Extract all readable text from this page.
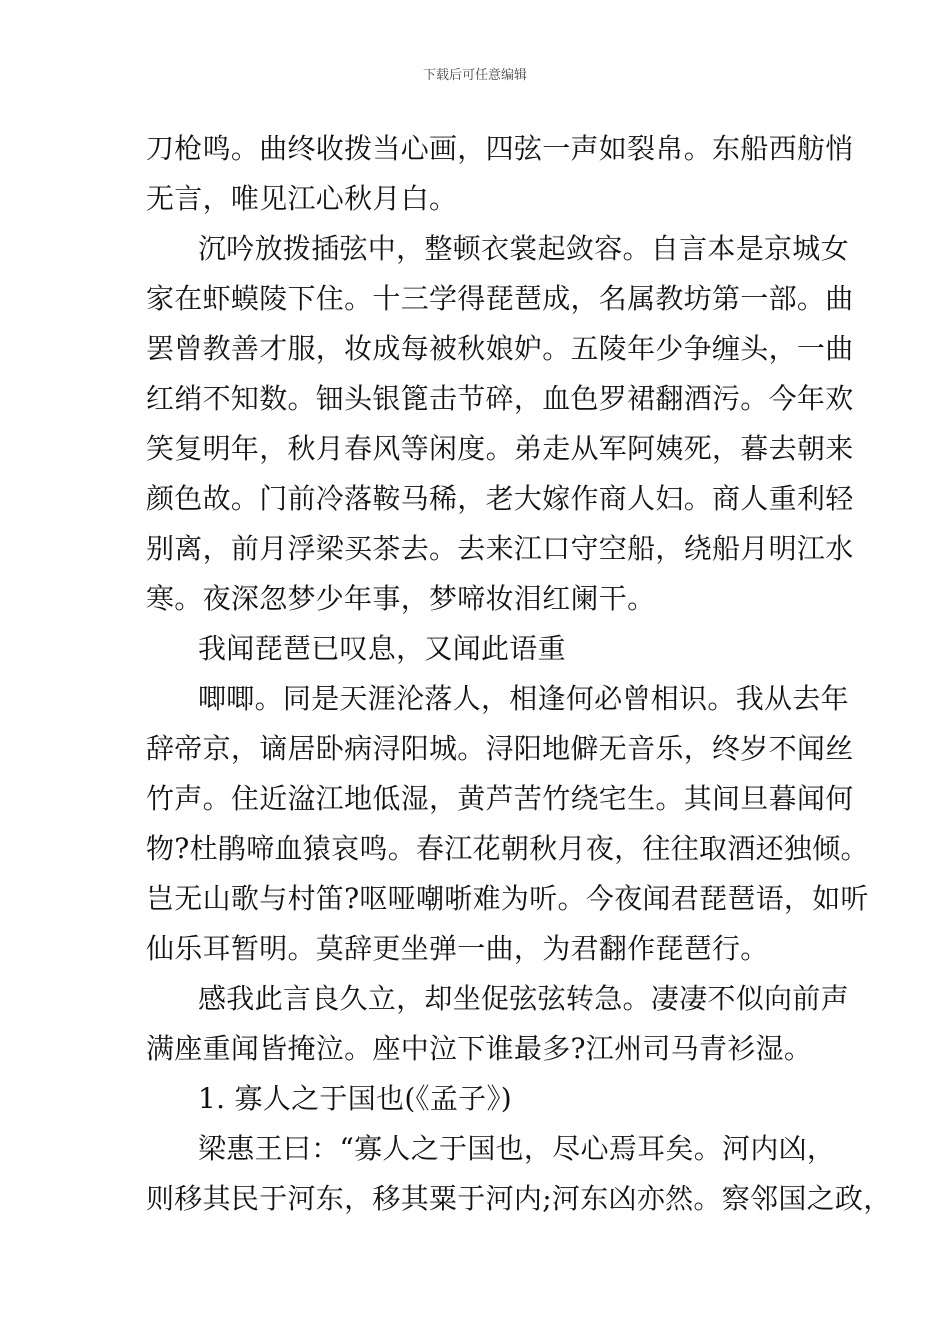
下载后可任意编辑
刀枪鸣。曲终收拨当心画，四弦一声如裂帛。东船西舫悄
无言，唯见江心秋月白。
沉吟放拨插弦中，整顿衣裳起敛容。自言本是京城女
家在虾蟆陵下住。十三学得琵琶成，名属教坊第一部。曲
罢曾教善才服，妆成每被秋娘妒。五陵年少争缠头，一曲
红绡不知数。钿头银篦击节碎，血色罗裙翻酒污。今年欢
笑复明年，秋月春风等闲度。弟走从军阿姨死，暮去朝来
颜色故。门前冷落鞍马稀，老大嫁作商人妇。商人重利轻
别离，前月浮梁买茶去。去来江口守空船，绕船月明江水
寒。夜深忽梦少年事，梦啼妆泪红阑干。
我闻琵琶已叹息，又闻此语重
唧唧。同是天涯沦落人，相逢何必曾相识。我从去年
辞帝京，谪居卧病浔阳城。浔阳地僻无音乐，终岁不闻丝
竹声。住近湓江地低湿，黄芦苦竹绕宅生。其间旦暮闻何
物?杜鹃啼血猿哀鸣。春江花朝秋月夜，往往取酒还独倾。
岂无山歌与村笛?呕哑嘲哳难为听。今夜闻君琵琶语，如听
仙乐耳暂明。莫辞更坐弹一曲，为君翻作琵琶行。
感我此言良久立，却坐促弦弦转急。凄凄不似向前声
满座重闻皆掩泣。座中泣下谁最多?江州司马青衫湿。
1. 寡人之于国也(《孟子》)
梁惠王曰：“寡人之于国也，尽心焉耳矣。河内凶，
则移其民于河东，移其粟于河内;河东凶亦然。察邻国之政，
